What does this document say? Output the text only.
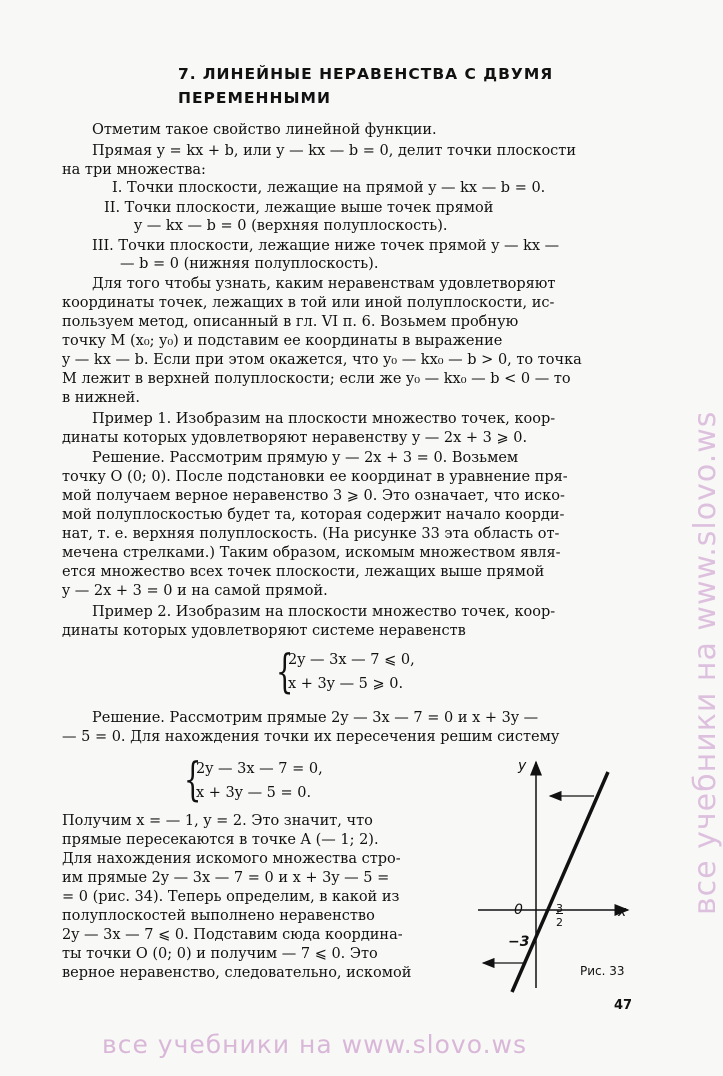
7. ЛИНЕЙНЫЕ НЕРАВЕНСТВА С ДВУМЯ
ПЕРЕМЕННЫМИ
Отметим такое свойство линейной функции.
Прямая y = kx + b, или y — kx — b = 0, делит точки плоскости
на три множества:
I. Точки плоскости, лежащие на прямой y — kx — b = 0.
II. Точки плоскости, лежащие выше точек прямой
y — kx — b = 0 (верхняя полуплоскость).
III. Точки плоскости, лежащие ниже точек прямой y — kx —
— b = 0 (нижняя полуплоскость).
Для того чтобы узнать, каким неравенствам удовлетворяют
координаты точек, лежащих в той или иной полуплоскости, ис-
пользуем метод, описанный в гл. VI п. 6. Возьмем пробную
точку M (x₀; y₀) и подставим ее координаты в выражение
y — kx — b. Если при этом окажется, что y₀ — kx₀ — b > 0, то точка
M лежит в верхней полуплоскости; если же y₀ — kx₀ — b < 0 — то
в нижней.
Пример 1. Изобразим на плоскости множество точек, коор-
динаты которых удовлетворяют неравенству y — 2x + 3 ⩾ 0.
Решение. Рассмотрим прямую y — 2x + 3 = 0. Возьмем
точку O (0; 0). После подстановки ее координат в уравнение пря-
мой получаем верное неравенство 3 ⩾ 0. Это означает, что иско-
мой полуплоскостью будет та, которая содержит начало коорди-
нат, т. е. верхняя полуплоскость. (На рисунке 33 эта область от-
мечена стрелками.) Таким образом, искомым множеством явля-
ется множество всех точек плоскости, лежащих выше прямой
y — 2x + 3 = 0 и на самой прямой.
Пример 2. Изобразим на плоскости множество точек, коор-
динаты которых удовлетворяют системе неравенств
{
2y — 3x — 7 ⩽ 0,
x + 3y — 5 ⩾ 0.
Решение. Рассмотрим прямые 2y — 3x — 7 = 0 и x + 3y —
— 5 = 0. Для нахождения точки их пересечения решим систему
{
2y — 3x — 7 = 0,
x + 3y — 5 = 0.
Получим x = — 1, y = 2. Это значит, что
прямые пересекаются в точке A (— 1; 2).
Для нахождения искомого множества стро-
им прямые 2y — 3x — 7 = 0 и x + 3y — 5 =
= 0 (рис. 34). Теперь определим, в какой из
полуплоскостей выполнено неравенство
2y — 3x — 7 ⩽ 0. Подставим сюда координа-
ты точки O (0; 0) и получим — 7 ⩽ 0. Это
верное неравенство, следовательно, искомой
y
x
0	3
2
−3
Рис. 33
47
все учебники на www.slovo.ws
все учебники на www.slovo.ws
